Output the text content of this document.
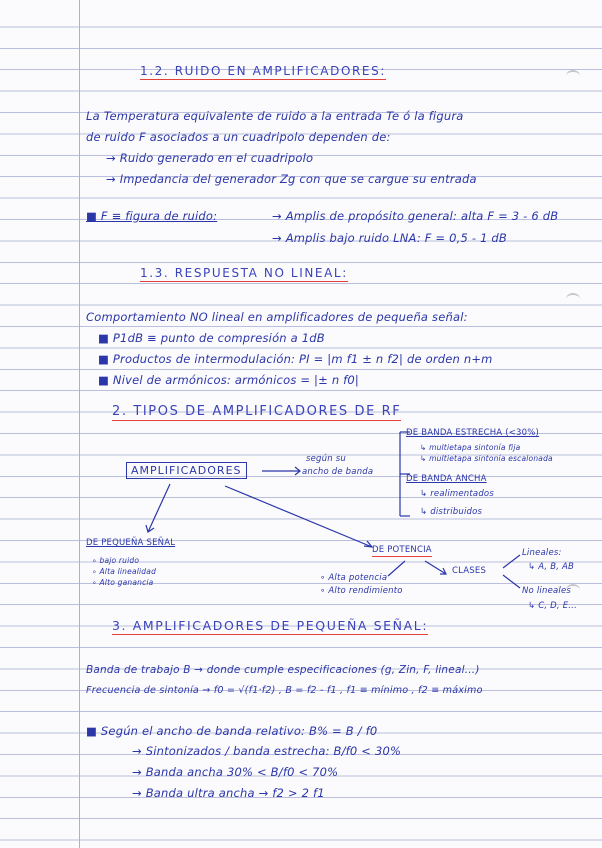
1.2. RUIDO EN AMPLIFICADORES:
La Temperatura equivalente de ruido a la entrada Te ó la figura
de ruido F asociados a un cuadripolo dependen de:
→ Ruido generado en el cuadripolo
→ Impedancia del generador Zg con que se cargue su entrada
■ F ≡ figura de ruido:	→ Amplis de propósito general: alta F = 3 - 6 dB
→ Amplis bajo ruido LNA: F = 0,5 - 1 dB
1.3. RESPUESTA NO LINEAL:
Comportamiento NO lineal en amplificadores de pequeña señal:
■ P1dB ≡ punto de compresión a 1dB
■ Productos de intermodulación: PI = |m f1 ± n f2| de orden n+m
■ Nivel de armónicos: armónicos = |± n f0|
2. TIPOS DE AMPLIFICADORES DE RF
AMPLIFICADORES
según su
ancho de banda
DE BANDA ESTRECHA (<30%)
↳ multietapa sintonía fija
↳ multietapa sintonía escalonada
DE BANDA ANCHA
↳ realimentados
↳ distribuidos
DE PEQUEÑA SEÑAL
∘ bajo ruido
∘ Alta linealidad
∘ Alto ganancia
DE POTENCIA
∘ Alta potencia
∘ Alto rendimiento
CLASES
Lineales:
↳ A, B, AB
No lineales
↳ C, D, E...
3. AMPLIFICADORES DE PEQUEÑA SEÑAL:
Banda de trabajo B → donde cumple especificaciones (g, Zin, F, lineal...)
Frecuencia de sintonía → f0 = √(f1·f2) , B = f2 - f1 , f1 ≡ mínimo , f2 ≡ máximo
■ Según el ancho de banda relativo: B% = B / f0
→ Sintonizados / banda estrecha: B/f0 < 30%
→ Banda ancha 30% < B/f0 < 70%
→ Banda ultra ancha → f2 > 2 f1
